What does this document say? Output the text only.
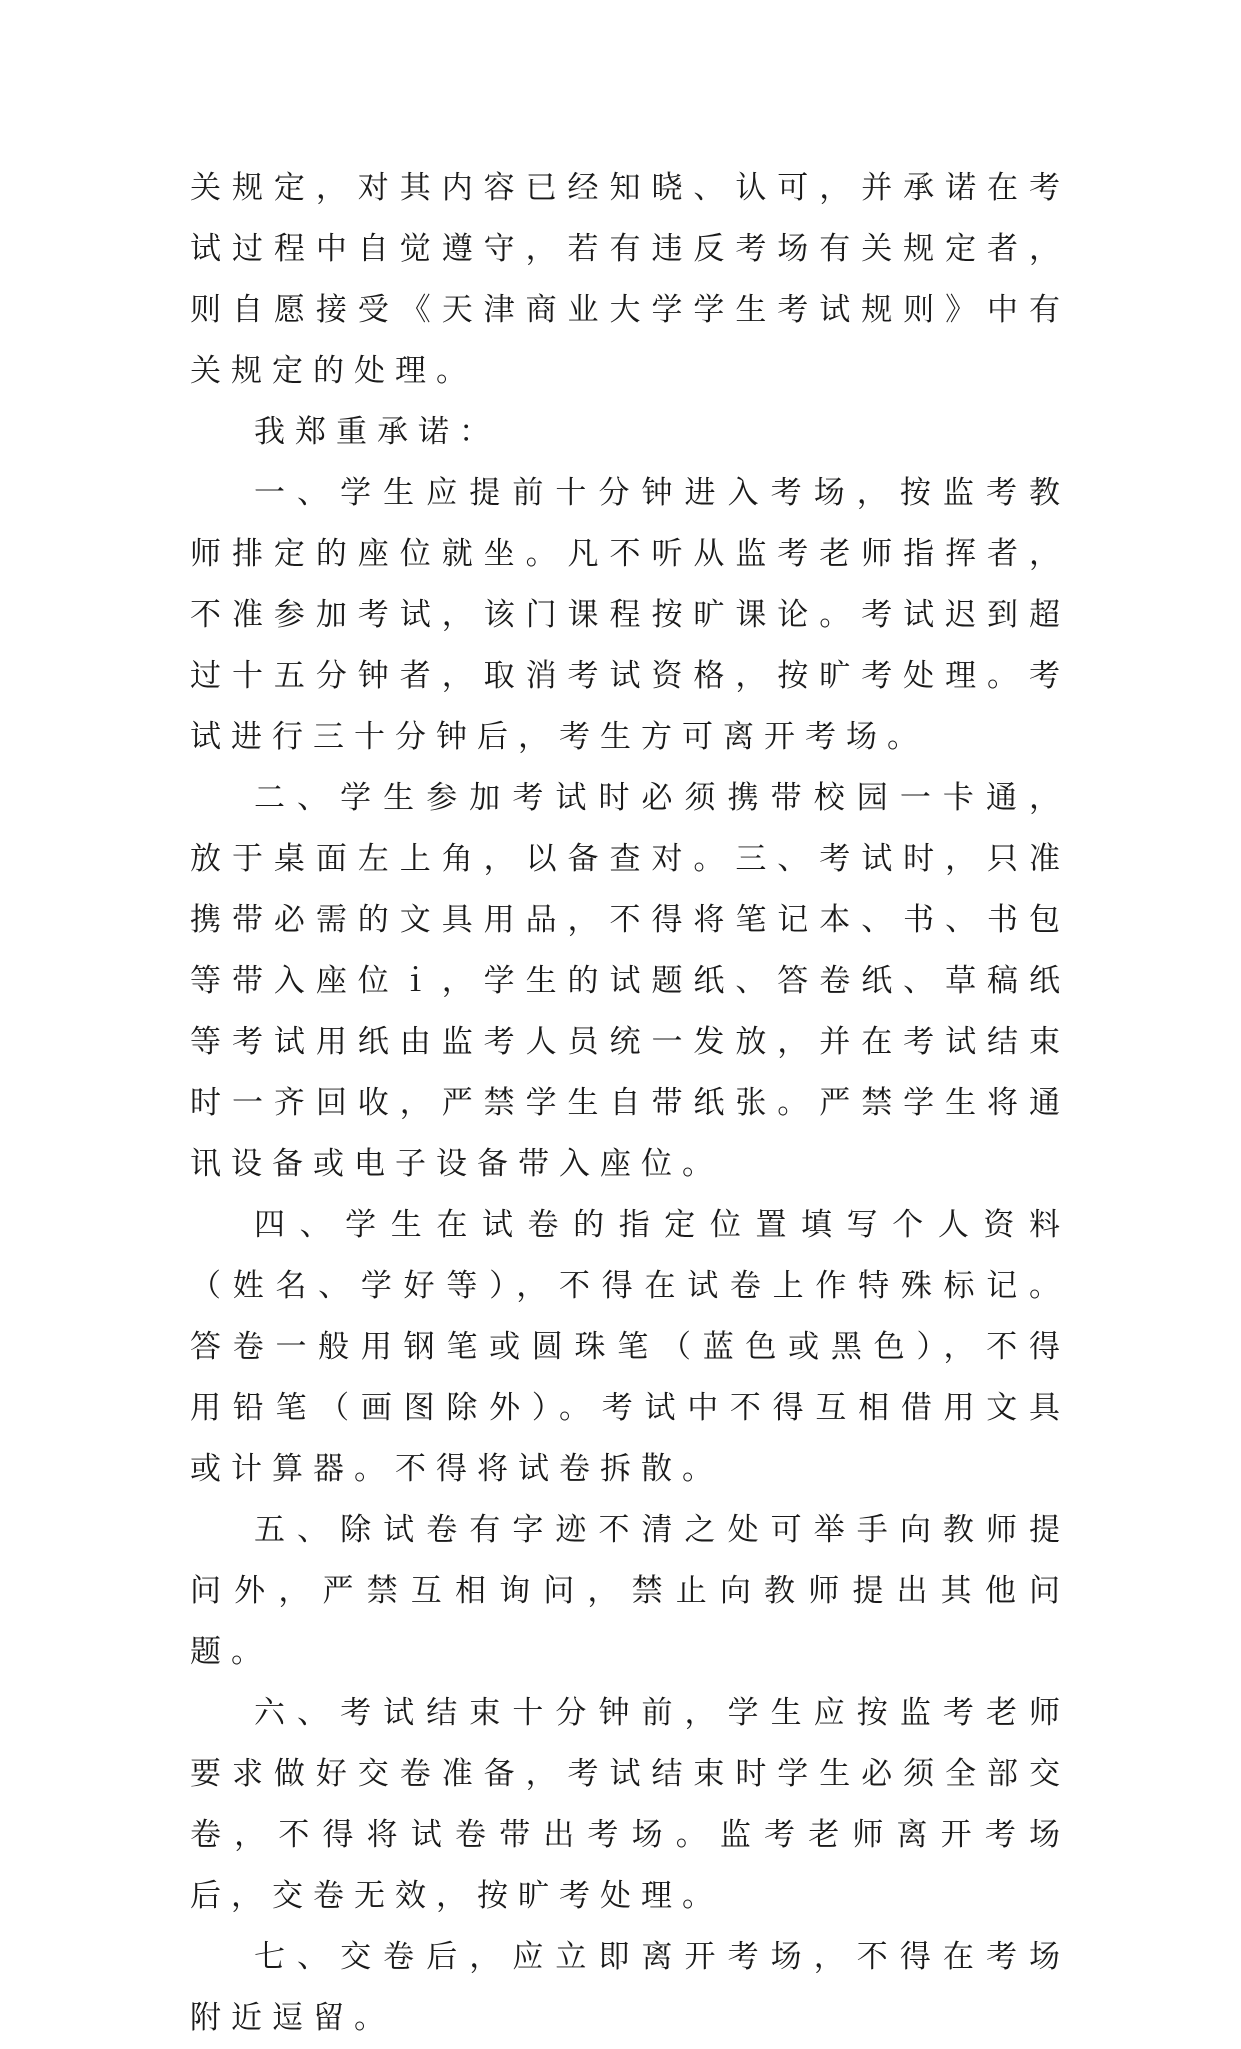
关规定，对其内容已经知晓、认可，并承诺在考试过程中自觉遵守，若有违反考场有关规定者，则自愿接受《天津商业大学学生考试规则》中有关规定的处理。

我郑重承诺：

一、学生应提前十分钟进入考场，按监考教师排定的座位就坐。凡不听从监考老师指挥者，不准参加考试，该门课程按旷课论。考试迟到超过十五分钟者，取消考试资格，按旷考处理。考试进行三十分钟后，考生方可离开考场。

二、学生参加考试时必须携带校园一卡通，放于桌面左上角，以备查对。三、考试时，只准携带必需的文具用品，不得将笔记本、书、书包等带入座位ｉ，学生的试题纸、答卷纸、草稿纸等考试用纸由监考人员统一发放，并在考试结束时一齐回收，严禁学生自带纸张。严禁学生将通讯设备或电子设备带入座位。

四、学生在试卷的指定位置填写个人资料（姓名、学好等），不得在试卷上作特殊标记。答卷一般用钢笔或圆珠笔（蓝色或黑色），不得用铅笔（画图除外）。考试中不得互相借用文具或计算器。不得将试卷拆散。

五、除试卷有字迹不清之处可举手向教师提问外，严禁互相询问，禁止向教师提出其他问题。

六、考试结束十分钟前，学生应按监考老师要求做好交卷准备，考试结束时学生必须全部交卷，不得将试卷带出考场。监考老师离开考场后，交卷无效，按旷考处理。

七、交卷后，应立即离开考场，不得在考场附近逗留。
